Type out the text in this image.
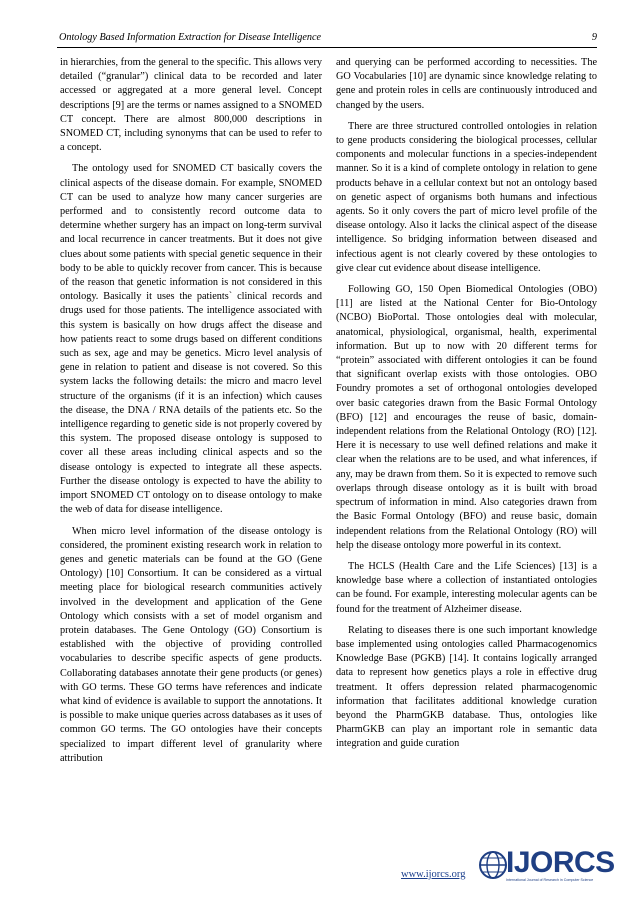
Ontology Based Information Extraction for Disease Intelligence	9

in hierarchies, from the general to the specific. This allows very detailed (“granular”) clinical data to be recorded and later accessed or aggregated at a more general level. Concept descriptions [9] are the terms or names assigned to a SNOMED CT concept. There are almost 800,000 descriptions in SNOMED CT, including synonyms that can be used to refer to a concept.

The ontology used for SNOMED CT basically covers the clinical aspects of the disease domain. For example, SNOMED CT can be used to analyze how many cancer surgeries are performed and to consistently record outcome data to determine whether surgery has an impact on long-term survival and local recurrence in cancer treatments. But it does not give clues about some patients with special genetic sequence in their body to be able to quickly recover from cancer. This is because of the reason that genetic information is not considered in this ontology. Basically it uses the patients` clinical records and drugs used for those patients. The intelligence associated with this system is basically on how drugs affect the disease and how patients react to some drugs based on different conditions such as sex, age and may be genetics. Micro level analysis of gene in relation to patient and disease is not covered. So this system lacks the following details: the micro and macro level structure of the organisms (if it is an infection) which causes the disease, the DNA / RNA details of the patients etc. So the intelligence regarding to genetic side is not properly covered by this system. The proposed disease ontology is supposed to cover all these areas including clinical aspects and so the disease ontology is expected to integrate all these aspects. Further the disease ontology is expected to have the ability to import SNOMED CT ontology on to disease ontology to make the web of data for disease intelligence.

When micro level information of the disease ontology is considered, the prominent existing research work in relation to genes and genetic materials can be found at the GO (Gene Ontology) [10] Consortium. It can be considered as a virtual meeting place for biological research communities actively involved in the development and application of the Gene Ontology which consists with a set of model organism and protein databases. The Gene Ontology (GO) Consortium is established with the objective of providing controlled vocabularies to describe specific aspects of gene products. Collaborating databases annotate their gene products (or genes) with GO terms. These GO terms have references and indicate what kind of evidence is available to support the annotations. It is possible to make unique queries across databases as it uses of common GO terms. The GO ontologies have their concepts specialized to impart different level of granularity where attribution

and querying can be performed according to necessities. The GO Vocabularies [10] are dynamic since knowledge relating to gene and protein roles in cells are continuously introduced and changed by the users.

There are three structured controlled ontologies in relation to gene products considering the biological processes, cellular components and molecular functions in a species-independent manner. So it is a kind of complete ontology in relation to gene products behave in a cellular context but not an ontology based on genetic aspect of organisms both humans and infectious agents. So it only covers the part of micro level profile of the disease ontology. Also it lacks the clinical aspect of the disease intelligence. So bridging information between diseased and infectious agent is not clearly covered by these ontologies to give clear cut evidence about disease intelligence.

Following GO, 150 Open Biomedical Ontologies (OBO) [11] are listed at the National Center for Bio-Ontology (NCBO) BioPortal. Those ontologies deal with molecular, anatomical, physiological, organismal, health, experimental information. But up to now with 20 different terms for “protein” associated with different ontologies it can be found that significant overlap exists with those ontologies. OBO Foundry promotes a set of orthogonal ontologies developed over basic categories drawn from the Basic Formal Ontology (BFO) [12] and encourages the reuse of basic, domain-independent relations from the Relational Ontology (RO) [12]. Here it is necessary to use well defined relations and make it clear when the relations are to be used, and what inferences, if any, may be drawn from them. So it is expected to remove such overlaps through disease ontology as it is built with broad spectrum of information in mind. Also categories drawn from the Basic Formal Ontology (BFO) and reuse basic, domain independent relations from the Relational Ontology (RO) will help the disease ontology more powerful in its context.

The HCLS (Health Care and the Life Sciences) [13] is a knowledge base where a collection of instantiated ontologies can be found. For example, interesting molecular agents can be found for the treatment of Alzheimer disease.

Relating to diseases there is one such important knowledge base implemented using ontologies called Pharmacogenomics Knowledge Base (PGKB) [14]. It contains logically arranged data to represent how genetics plays a role in effective drug treatment. It offers depression related pharmacogenomic information that facilitates additional knowledge curation beyond the PharmGKB database. Thus, ontologies like PharmGKB can play an important role in semantic data integration and guide curation

www.ijorcs.org IJORCS
International Journal of Research in Computer Science
